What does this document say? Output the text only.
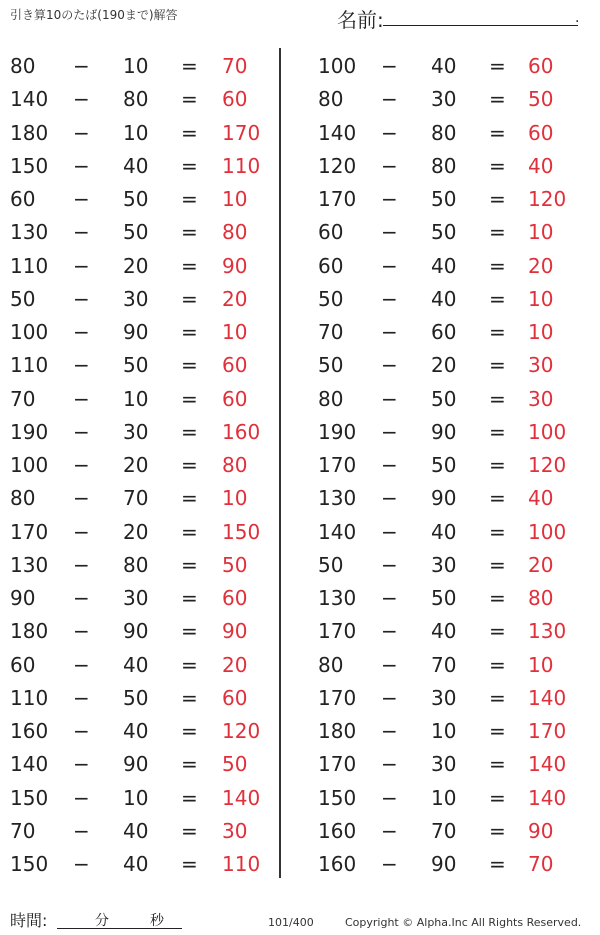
引き算10のたば(190まで)解答	名前:	.
80 − 10 = 70
140 − 80 = 60
180 − 10 = 170
150 − 40 = 110
60 − 50 = 10
130 − 50 = 80
110 − 20 = 90
50 − 30 = 20
100 − 90 = 10
110 − 50 = 60
70 − 10 = 60
190 − 30 = 160
100 − 20 = 80
80 − 70 = 10
170 − 20 = 150
130 − 80 = 50
90 − 30 = 60
180 − 90 = 90
60 − 40 = 20
110 − 50 = 60
160 − 40 = 120
140 − 90 = 50
150 − 10 = 140
70 − 40 = 30
150 − 40 = 110
100 − 40 = 60
80 − 30 = 50
140 − 80 = 60
120 − 80 = 40
170 − 50 = 120
60 − 50 = 10
60 − 40 = 20
50 − 40 = 10
70 − 60 = 10
50 − 20 = 30
80 − 50 = 30
190 − 90 = 100
170 − 50 = 120
130 − 90 = 40
140 − 40 = 100
50 − 30 = 20
130 − 50 = 80
170 − 40 = 130
80 − 70 = 10
170 − 30 = 140
180 − 10 = 170
170 − 30 = 140
150 − 10 = 140
160 − 70 = 90
160 − 90 = 70
時間:	分	秒	101/400	Copyright © Alpha.Inc All Rights Reserved.
